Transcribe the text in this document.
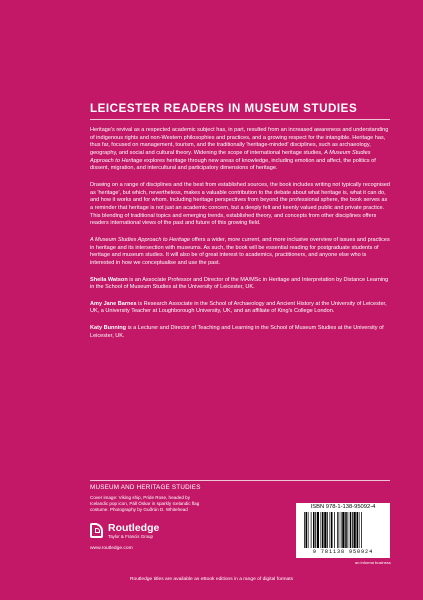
LEICESTER READERS IN MUSEUM STUDIES

Heritage's revival as a respected academic subject has, in part, resulted from an increased awareness and understanding of indigenous rights and non-Western philosophies and practices, and a growing respect for the intangible. Heritage has, thus far, focused on management, tourism, and the traditionally 'heritage-minded' disciplines, such as archaeology, geography, and social and cultural theory. Widening the scope of international heritage studies, A Museum Studies Approach to Heritage explores heritage through new areas of knowledge, including emotion and affect, the politics of dissent, migration, and intercultural and participatory dimensions of heritage.

Drawing on a range of disciplines and the best from established sources, the book includes writing not typically recognised as 'heritage', but which, nevertheless, makes a valuable contribution to the debate about what heritage is, what it can do, and how it works and for whom. Including heritage perspectives from beyond the professional sphere, the book serves as a reminder that heritage is not just an academic concern, but a deeply felt and keenly valued public and private practice. This blending of traditional topics and emerging trends, established theory, and concepts from other disciplines offers readers international views of the past and future of this growing field.

A Museum Studies Approach to Heritage offers a wider, more current, and more inclusive overview of issues and practices in heritage and its intersection with museums. As such, the book will be essential reading for postgraduate students of heritage and museum studies. It will also be of great interest to academics, practitioners, and anyone else who is interested in how we conceptualise and use the past.

Sheila Watson is an Associate Professor and Director of the MA/MSc in Heritage and Interpretation by Distance Learning in the School of Museum Studies at the University of Leicester, UK.

Amy Jane Barnes is Research Associate in the School of Archaeology and Ancient History at the University of Leicester, UK, a University Teacher at Loughborough University, UK, and an affiliate of King's College London.

Katy Bunning is a Lecturer and Director of Teaching and Learning in the School of Museum Studies at the University of Leicester, UK.

MUSEUM AND HERITAGE STUDIES
Cover image: Viking ship, Pride Rose, headed by Icelandic pop icon, Páll Óskar in sparkly Icelandic flag costume. Photography by Guðrún D. Whitehead
Routledge
Taylor & Francis Group
www.routledge.com
ISBN 978-1-138-95092-4
9 781138 950924
an informa business
Routledge titles are available as eBook editions in a range of digital formats
